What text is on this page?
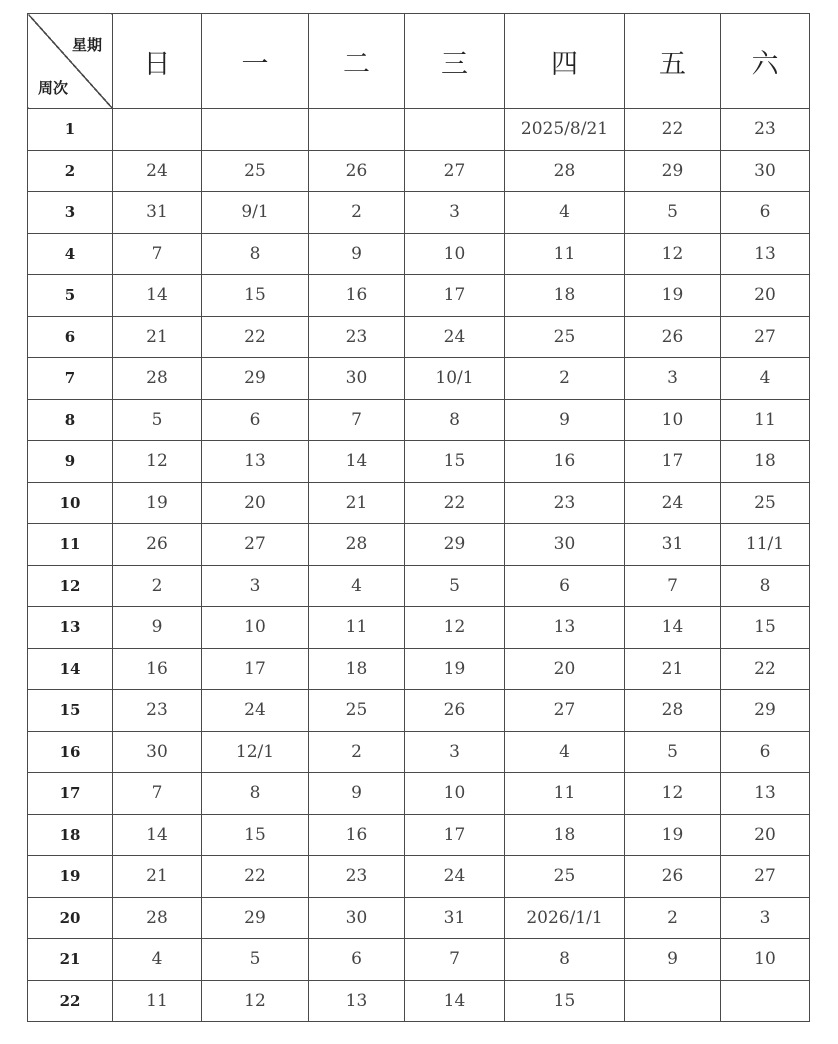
星期
周次	日	一	二	三	四	五	六
1					2025/8/21	22	23
2	24	25	26	27	28	29	30
3	31	9/1	2	3	4	5	6
4	7	8	9	10	11	12	13
5	14	15	16	17	18	19	20
6	21	22	23	24	25	26	27
7	28	29	30	10/1	2	3	4
8	5	6	7	8	9	10	11
9	12	13	14	15	16	17	18
10	19	20	21	22	23	24	25
11	26	27	28	29	30	31	11/1
12	2	3	4	5	6	7	8
13	9	10	11	12	13	14	15
14	16	17	18	19	20	21	22
15	23	24	25	26	27	28	29
16	30	12/1	2	3	4	5	6
17	7	8	9	10	11	12	13
18	14	15	16	17	18	19	20
19	21	22	23	24	25	26	27
20	28	29	30	31	2026/1/1	2	3
21	4	5	6	7	8	9	10
22	11	12	13	14	15		
